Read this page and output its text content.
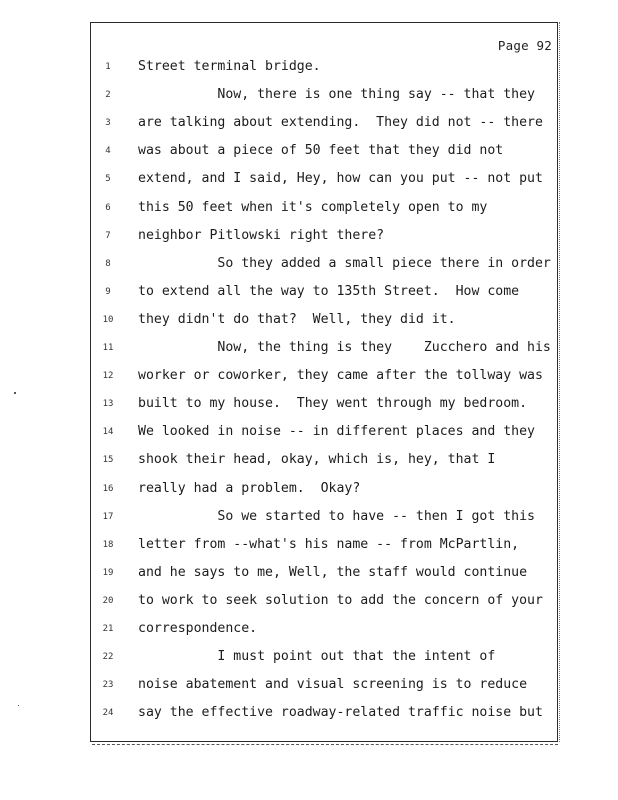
Page 92
1	Street terminal bridge.
2	Now, there is one thing say -- that they
3	are talking about extending.  They did not -- there
4	was about a piece of 50 feet that they did not
5	extend, and I said, Hey, how can you put -- not put
6	this 50 feet when it's completely open to my
7	neighbor Pitlowski right there?
8	So they added a small piece there in order
9	to extend all the way to 135th Street.  How come
10	they didn't do that?  Well, they did it.
11	Now, the thing is they    Zucchero and his
12	worker or coworker, they came after the tollway was
13	built to my house.  They went through my bedroom.
14	We looked in noise -- in different places and they
15	shook their head, okay, which is, hey, that I
16	really had a problem.  Okay?
17	So we started to have -- then I got this
18	letter from --what's his name -- from McPartlin,
19	and he says to me, Well, the staff would continue
20	to work to seek solution to add the concern of your
21	correspondence.
22	I must point out that the intent of
23	noise abatement and visual screening is to reduce
24	say the effective roadway-related traffic noise but
